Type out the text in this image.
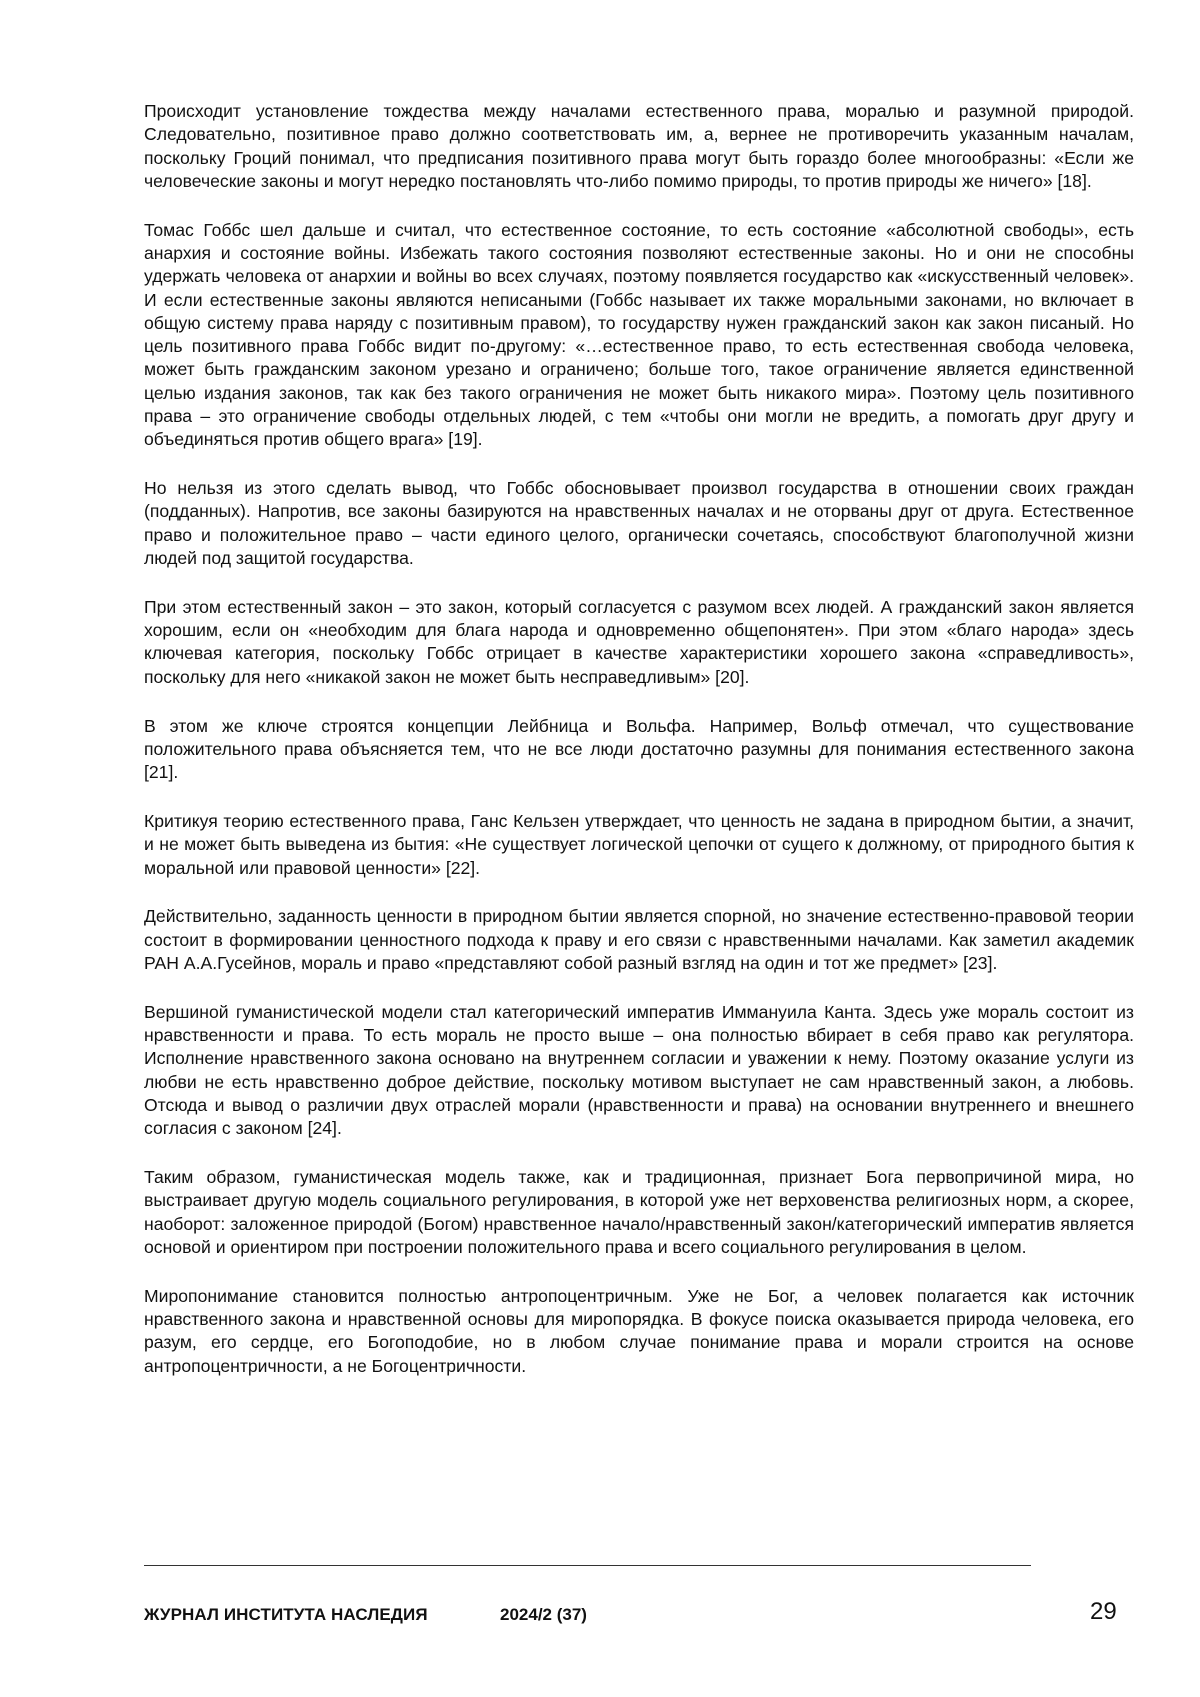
Происходит установление тождества между началами естественного права, моралью и разумной природой. Следовательно, позитивное право должно соответствовать им, а, вернее не противоречить указанным началам, поскольку Гроций понимал, что предписания позитивного права могут быть гораздо более многообразны: «Если же человеческие законы и могут нередко постановлять что-либо помимо природы, то против природы же ничего» [18].

Томас Гоббс шел дальше и считал, что естественное состояние, то есть состояние «абсолютной свободы», есть анархия и состояние войны. Избежать такого состояния позволяют естественные законы. Но и они не способны удержать человека от анархии и войны во всех случаях, поэтому появляется государство как «искусственный человек». И если естественные законы являются неписаными (Гоббс называет их также моральными законами, но включает в общую систему права наряду с позитивным правом), то государству нужен гражданский закон как закон писаный. Но цель позитивного права Гоббс видит по-другому: «…естественное право, то есть естественная свобода человека, может быть гражданским законом урезано и ограничено; больше того, такое ограничение является единственной целью издания законов, так как без такого ограничения не может быть никакого мира». Поэтому цель позитивного права – это ограничение свободы отдельных людей, с тем «чтобы они могли не вредить, а помогать друг другу и объединяться против общего врага» [19].

Но нельзя из этого сделать вывод, что Гоббс обосновывает произвол государства в отношении своих граждан (подданных). Напротив, все законы базируются на нравственных началах и не оторваны друг от друга. Естественное право и положительное право – части единого целого, органически сочетаясь, способствуют благополучной жизни людей под защитой государства.

При этом естественный закон – это закон, который согласуется с разумом всех людей. А гражданский закон является хорошим, если он «необходим для блага народа и одновременно общепонятен». При этом «благо народа» здесь ключевая категория, поскольку Гоббс отрицает в качестве характеристики хорошего закона «справедливость», поскольку для него «никакой закон не может быть несправедливым» [20].

В этом же ключе строятся концепции Лейбница и Вольфа. Например, Вольф отмечал, что существование положительного права объясняется тем, что не все люди достаточно разумны для понимания естественного закона [21].

Критикуя теорию естественного права, Ганс Кельзен утверждает, что ценность не задана в природном бытии, а значит, и не может быть выведена из бытия: «Не существует логической цепочки от сущего к должному, от природного бытия к моральной или правовой ценности» [22].

Действительно, заданность ценности в природном бытии является спорной, но значение естественно-правовой теории состоит в формировании ценностного подхода к праву и его связи с нравственными началами. Как заметил академик РАН А.А.Гусейнов, мораль и право «представляют собой разный взгляд на один и тот же предмет» [23].

Вершиной гуманистической модели стал категорический императив Иммануила Канта. Здесь уже мораль состоит из нравственности и права. То есть мораль не просто выше – она полностью вбирает в себя право как регулятора. Исполнение нравственного закона основано на внутреннем согласии и уважении к нему. Поэтому оказание услуги из любви не есть нравственно доброе действие, поскольку мотивом выступает не сам нравственный закон, а любовь. Отсюда и вывод о различии двух отраслей морали (нравственности и права) на основании внутреннего и внешнего согласия с законом [24].

Таким образом, гуманистическая модель также, как и традиционная, признает Бога первопричиной мира, но выстраивает другую модель социального регулирования, в которой уже нет верховенства религиозных норм, а скорее, наоборот: заложенное природой (Богом) нравственное начало/нравственный закон/категорический императив является основой и ориентиром при построении положительного права и всего социального регулирования в целом.

Миропонимание становится полностью антропоцентричным. Уже не Бог, а человек полагается как источник нравственного закона и нравственной основы для миропорядка. В фокусе поиска оказывается природа человека, его разум, его сердце, его Богоподобие, но в любом случае понимание права и морали строится на основе антропоцентричности, а не Богоцентричности.

ЖУРНАЛ ИНСТИТУТА НАСЛЕДИЯ	2024/2 (37)	29
